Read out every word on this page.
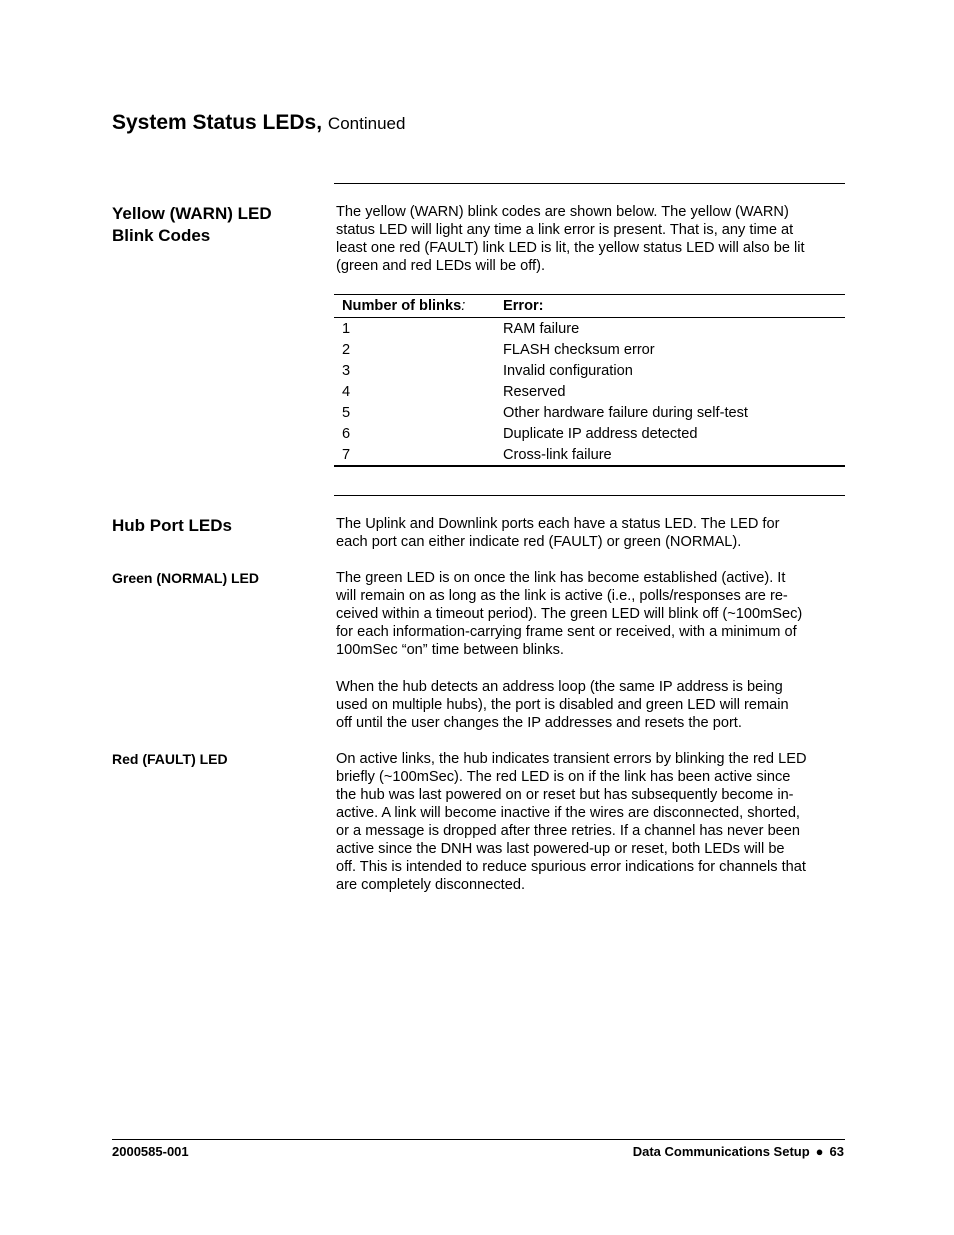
System Status LEDs, Continued
Yellow (WARN) LED
Blink Codes
The yellow (WARN) blink codes are shown below. The yellow (WARN)
status LED will light any time a link error is present. That is, any time at
least one red (FAULT) link LED is lit, the yellow status LED will also be lit
(green and red LEDs will be off).
Number of blinks:	Error:
1	RAM failure
2	FLASH checksum error
3	Invalid configuration
4	Reserved
5	Other hardware failure during self-test
6	Duplicate IP address detected
7	Cross-link failure
Hub Port LEDs	The Uplink and Downlink ports each have a status LED. The LED for
each port can either indicate red (FAULT) or green (NORMAL).
Green (NORMAL) LED	The green LED is on once the link has become established (active). It
will remain on as long as the link is active (i.e., polls/responses are re-
ceived within a timeout period). The green LED will blink off (~100mSec)
for each information-carrying frame sent or received, with a minimum of
100mSec “on” time between blinks.
When the hub detects an address loop (the same IP address is being
used on multiple hubs), the port is disabled and green LED will remain
off until the user changes the IP addresses and resets the port.
Red (FAULT) LED	On active links, the hub indicates transient errors by blinking the red LED
briefly (~100mSec). The red LED is on if the link has been active since
the hub was last powered on or reset but has subsequently become in-
active. A link will become inactive if the wires are disconnected, shorted,
or a message is dropped after three retries. If a channel has never been
active since the DNH was last powered-up or reset, both LEDs will be
off. This is intended to reduce spurious error indications for channels that
are completely disconnected.
2000585-001	Data Communications Setup ● 63
